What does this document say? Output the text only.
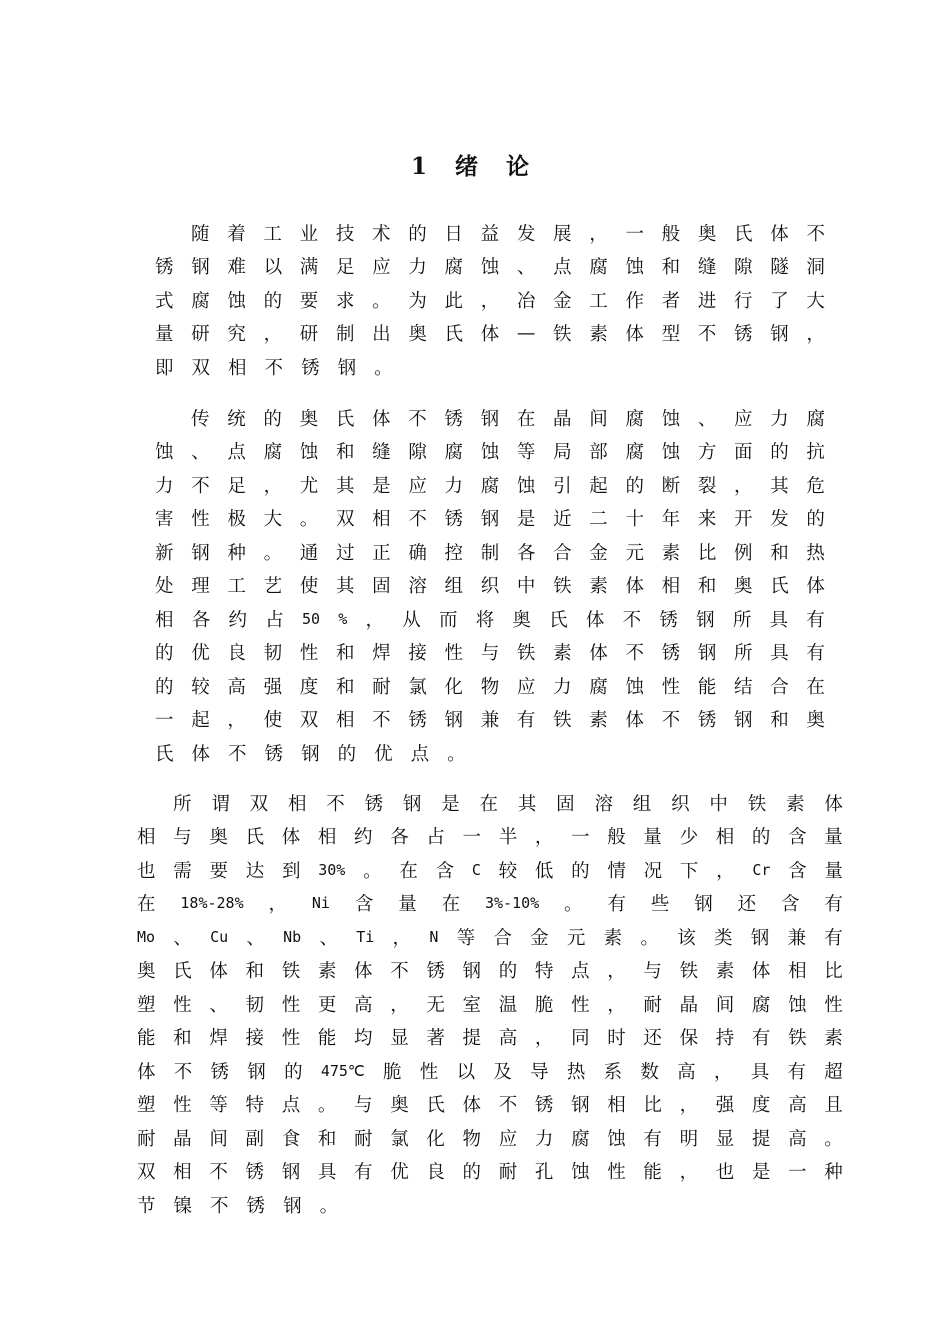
1 绪 论
随 着 工 业 技 术 的 日 益 发 展 ， 一 般 奥 氏 体 不
锈 钢 难 以 满 足 应 力 腐 蚀 、 点 腐 蚀 和 缝 隙 隧 洞
式 腐 蚀 的 要 求 。 为 此 ， 冶 金 工 作 者 进 行 了 大
量 研 究 ， 研 制 出 奥 氏 体 — 铁 素 体 型 不 锈 钢 ，
即 双 相 不 锈 钢 。
传 统 的 奥 氏 体 不 锈 钢 在 晶 间 腐 蚀 、 应 力 腐
蚀 、 点 腐 蚀 和 缝 隙 腐 蚀 等 局 部 腐 蚀 方 面 的 抗
力 不 足 ， 尤 其 是 应 力 腐 蚀 引 起 的 断 裂 ， 其 危
害 性 极 大 。 双 相 不 锈 钢 是 近 二 十 年 来 开 发 的
新 钢 种 。 通 过 正 确 控 制 各 合 金 元 素 比 例 和 热
处 理 工 艺 使 其 固 溶 组 织 中 铁 素 体 相 和 奥 氏 体
相 各 约 占 50 % ， 从 而 将 奥 氏 体 不 锈 钢 所 具 有
的 优 良 韧 性 和 焊 接 性 与 铁 素 体 不 锈 钢 所 具 有
的 较 高 强 度 和 耐 氯 化 物 应 力 腐 蚀 性 能 结 合 在
一 起 ， 使 双 相 不 锈 钢 兼 有 铁 素 体 不 锈 钢 和 奥
氏 体 不 锈 钢 的 优 点 。
所 谓 双 相 不 锈 钢 是 在 其 固 溶 组 织 中 铁 素 体
相 与 奥 氏 体 相 约 各 占 一 半 ， 一 般 量 少 相 的 含 量
也 需 要 达 到 30% 。 在 含 C 较 低 的 情 况 下 ， Cr 含 量
在 18%-28% ， Ni 含 量 在 3%-10% 。 有 些 钢 还 含 有
Mo 、 Cu 、 Nb 、 Ti ， N 等 合 金 元 素 。 该 类 钢 兼 有
奥 氏 体 和 铁 素 体 不 锈 钢 的 特 点 ， 与 铁 素 体 相 比
塑 性 、 韧 性 更 高 ， 无 室 温 脆 性 ， 耐 晶 间 腐 蚀 性
能 和 焊 接 性 能 均 显 著 提 高 ， 同 时 还 保 持 有 铁 素
体 不 锈 钢 的 475℃ 脆 性 以 及 导 热 系 数 高 ， 具 有 超
塑 性 等 特 点 。 与 奥 氏 体 不 锈 钢 相 比 ， 强 度 高 且
耐 晶 间 副 食 和 耐 氯 化 物 应 力 腐 蚀 有 明 显 提 高 。
双 相 不 锈 钢 具 有 优 良 的 耐 孔 蚀 性 能 ， 也 是 一 种
节 镍 不 锈 钢 。
